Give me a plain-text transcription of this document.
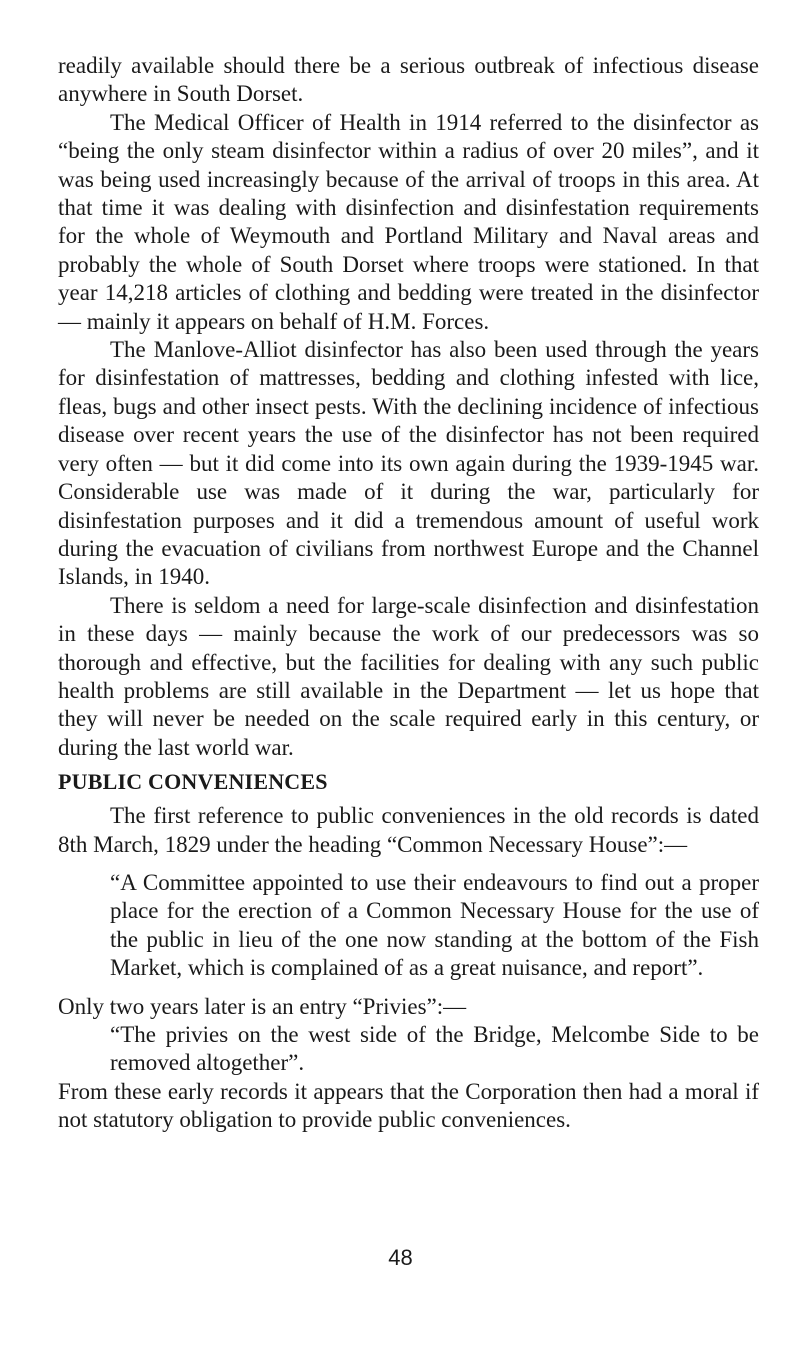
readily available should there be a serious outbreak of infectious disease anywhere in South Dorset.

The Medical Officer of Health in 1914 referred to the disinfector as “being the only steam disinfector within a radius of over 20 miles”, and it was being used increasingly because of the arrival of troops in this area. At that time it was dealing with disinfection and disinfestation requirements for the whole of Weymouth and Portland Military and Naval areas and probably the whole of South Dorset where troops were stationed. In that year 14,218 articles of clothing and bedding were treated in the disinfector — mainly it appears on behalf of H.M. Forces.

The Manlove-Alliot disinfector has also been used through the years for disinfestation of mattresses, bedding and clothing infested with lice, fleas, bugs and other insect pests. With the declining incidence of infectious disease over recent years the use of the disinfector has not been required very often — but it did come into its own again during the 1939-1945 war. Considerable use was made of it during the war, particularly for disinfestation purposes and it did a tremendous amount of useful work during the evacuation of civilians from northwest Europe and the Channel Islands, in 1940.

There is seldom a need for large-scale disinfection and disinfestation in these days — mainly because the work of our predecessors was so thorough and effective, but the facilities for dealing with any such public health problems are still available in the Department — let us hope that they will never be needed on the scale required early in this century, or during the last world war.

PUBLIC CONVENIENCES

The first reference to public conveniences in the old records is dated 8th March, 1829 under the heading “Common Necessary House”:—

“A Committee appointed to use their endeavours to find out a proper place for the erection of a Common Necessary House for the use of the public in lieu of the one now standing at the bottom of the Fish Market, which is complained of as a great nuisance, and report”.

Only two years later is an entry “Privies”:—

“The privies on the west side of the Bridge, Melcombe Side to be removed altogether”.

From these early records it appears that the Corporation then had a moral if not statutory obligation to provide public conveniences.

48
